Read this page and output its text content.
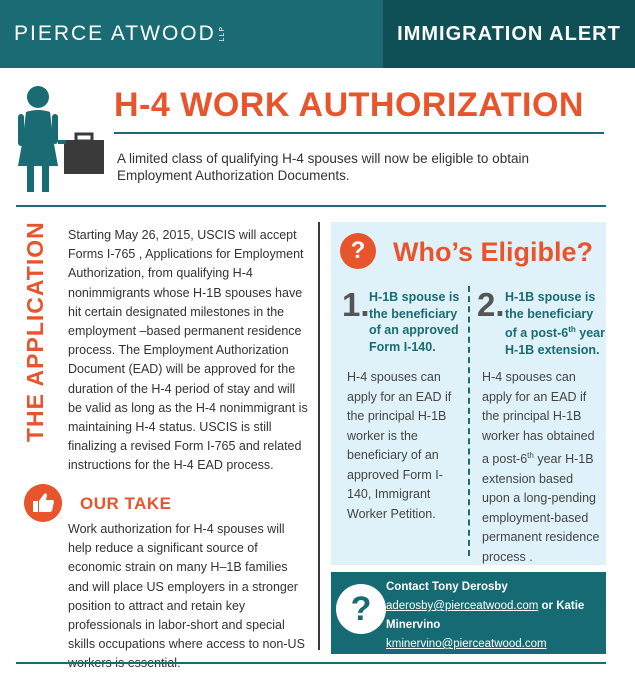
PIERCE ATWOOD LLP	IMMIGRATION ALERT
H-4 WORK AUTHORIZATION
A limited class of qualifying H-4 spouses will now be eligible to obtain Employment Authorization Documents.
THE APPLICATION Starting May 26, 2015, USCIS will accept Forms I-765 , Applications for Employment Authorization, from qualifying H-4 nonimmigrants whose H-1B spouses have hit certain designated milestones in the employment –based permanent residence process. The Employment Authorization Document (EAD) will be approved for the duration of the H-4 period of stay and will be valid as long as the H-4 nonimmigrant is maintaining H-4 status. USCIS is still finalizing a revised Form I-765 and related instructions for the H-4 EAD process.
OUR TAKE
Work authorization for H-4 spouses will help reduce a significant source of economic strain on many H–1B families and will place US employers in a stronger position to attract and retain key professionals in labor-short and special skills occupations where access to non-US
?	Who’s Eligible?
1. H-1B spouse is the beneficiary of an approved Form I-140.
H-4 spouses can apply for an EAD if the principal H-1B worker is the beneficiary of an approved Form I-140, Immigrant Worker Petition.
2. H-1B spouse is the beneficiary of a post-6th year H-1B extension.
H-4 spouses can apply for an EAD if the principal H-1B worker has obtained a post-6th year H-1B extension based upon a long-pending employment-based permanent residence process .
?
Contact Tony Derosby
aderosby@pierceatwood.com or Katie Minervino kminervino@pierceatwood.com
